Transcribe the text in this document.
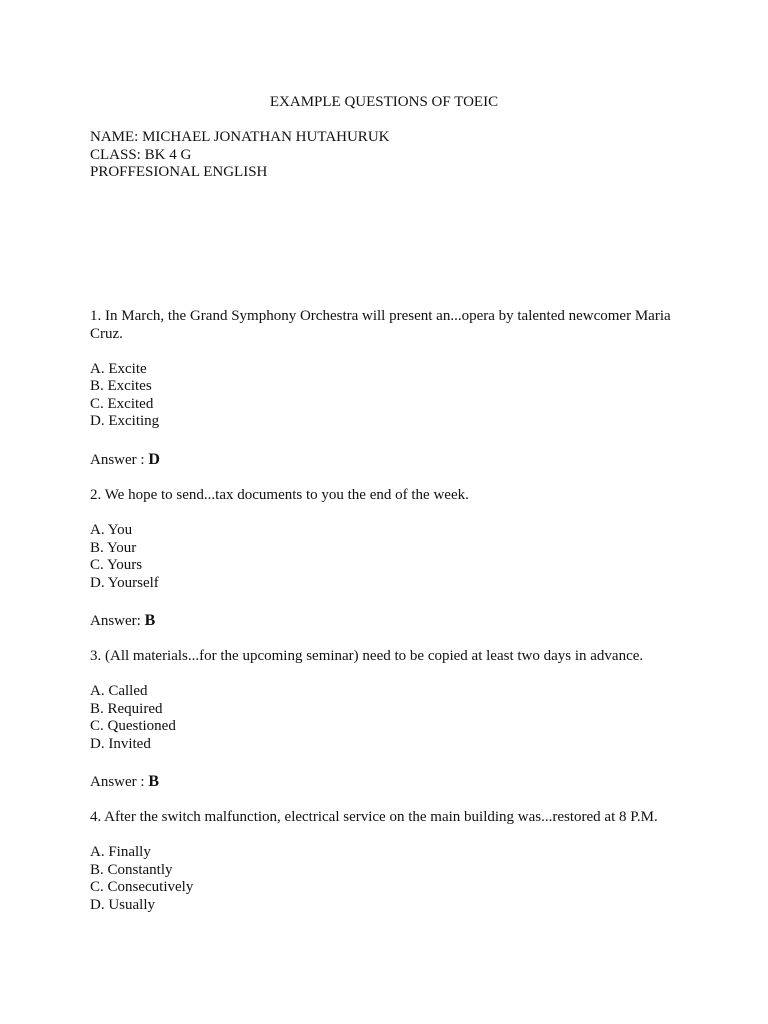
EXAMPLE QUESTIONS OF TOEIC
NAME: MICHAEL JONATHAN HUTAHURUK
CLASS: BK 4 G
PROFFESIONAL ENGLISH

1. In March, the Grand Symphony Orchestra will present an...opera by talented newcomer Maria Cruz.

A. Excite
B. Excites
C. Excited
D. Exciting
Answer : D

2. We hope to send...tax documents to you the end of the week.

A. You
B. Your
C. Yours
D. Yourself
Answer: B

3. (All materials...for the upcoming seminar) need to be copied at least two days in advance.

A. Called
B. Required
C. Questioned
D. Invited
Answer : B

4. After the switch malfunction, electrical service on the main building was...restored at 8 P.M.

A. Finally
B. Constantly
C. Consecutively
D. Usually
